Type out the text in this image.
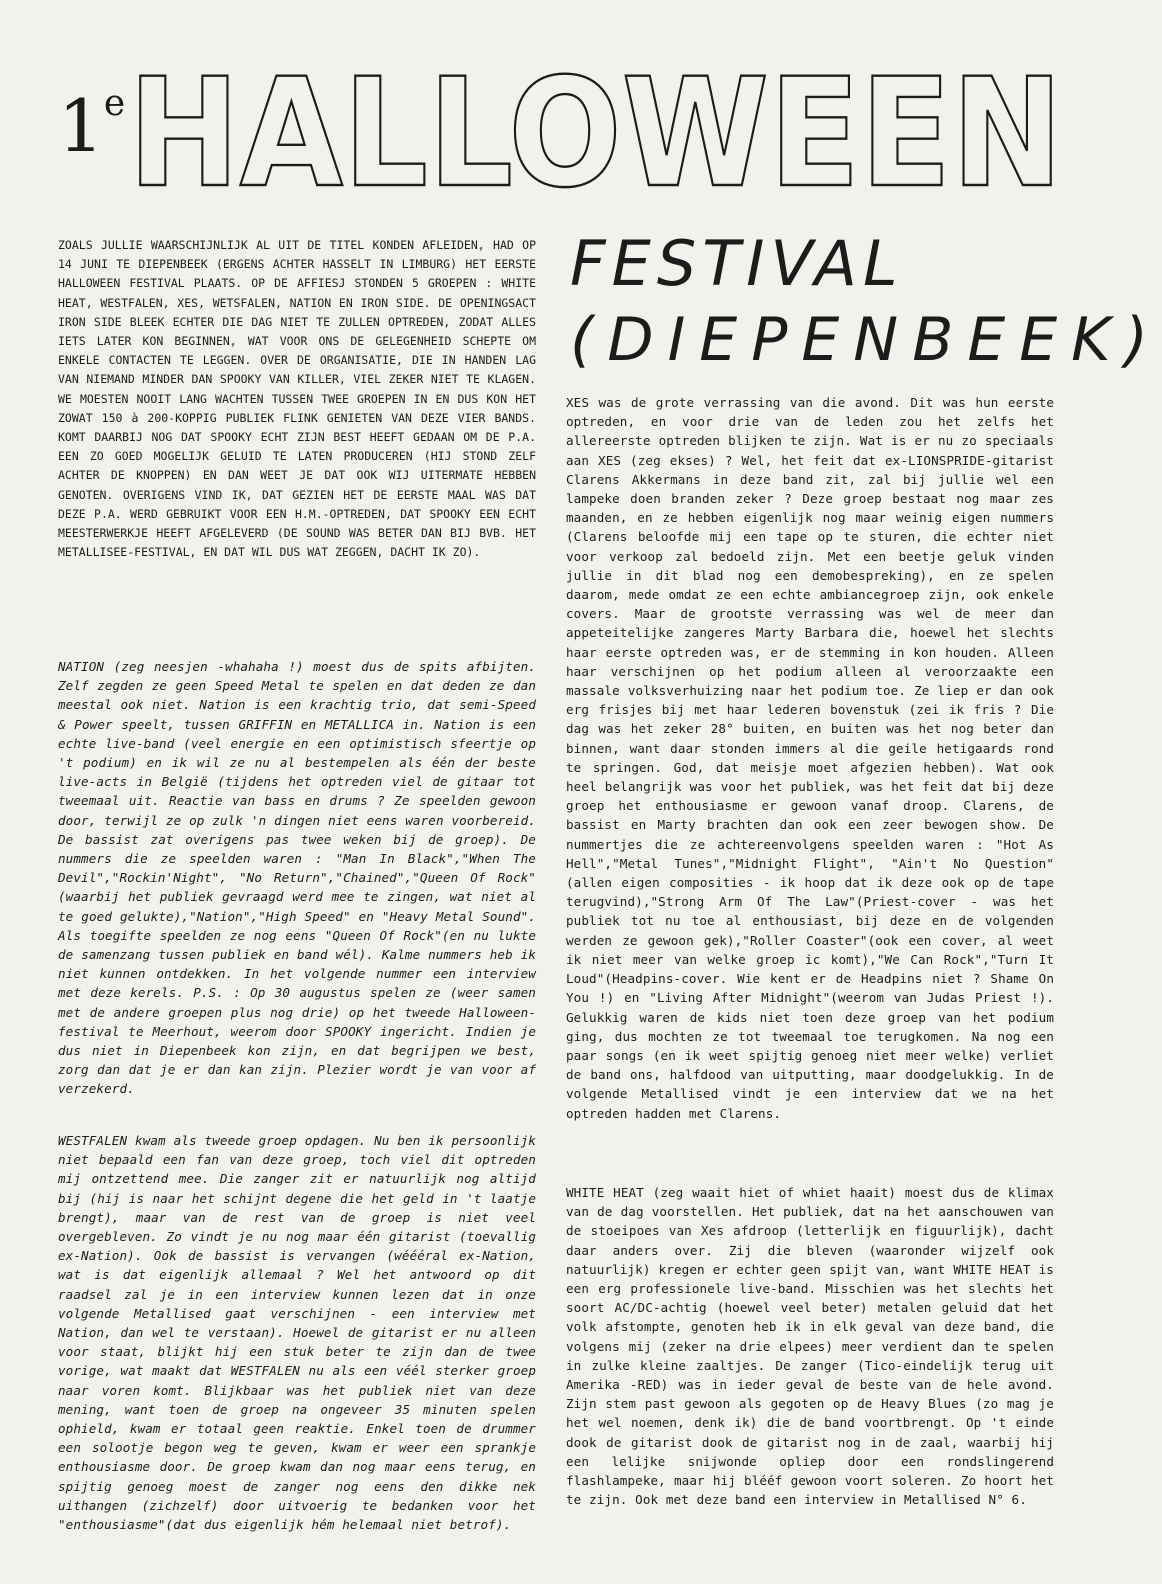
1e HALLOWEEN
FESTIVAL
(DIEPENBEEK)

ZOALS JULLIE WAARSCHIJNLIJK AL UIT DE TITEL KONDEN AFLEIDEN, HAD OP 14 JUNI TE DIEPENBEEK (ERGENS ACHTER HASSELT IN LIMBURG) HET EERSTE HALLOWEEN FESTIVAL PLAATS. OP DE AFFIESJ STONDEN 5 GROEPEN : WHITE HEAT, WESTFALEN, XES, WETSFALEN, NATION EN IRON SIDE. DE OPENINGSACT IRON SIDE BLEEK ECHTER DIE DAG NIET TE ZULLEN OPTREDEN, ZODAT ALLES IETS LATER KON BEGINNEN, WAT VOOR ONS DE GELEGENHEID SCHEPTE OM ENKELE CONTACTEN TE LEGGEN. OVER DE ORGANISATIE, DIE IN HANDEN LAG VAN NIEMAND MINDER DAN SPOOKY VAN KILLER, VIEL ZEKER NIET TE KLAGEN. WE MOESTEN NOOIT LANG WACHTEN TUSSEN TWEE GROEPEN IN EN DUS KON HET ZOWAT 150 à 200-KOPPIG PUBLIEK FLINK GENIETEN VAN DEZE VIER BANDS. KOMT DAARBIJ NOG DAT SPOOKY ECHT ZIJN BEST HEEFT GEDAAN OM DE P.A. EEN ZO GOED MOGELIJK GELUID TE LATEN PRODUCEREN (HIJ STOND ZELF ACHTER DE KNOPPEN) EN DAN WEET JE DAT OOK WIJ UITERMATE HEBBEN GENOTEN. OVERIGENS VIND IK, DAT GEZIEN HET DE EERSTE MAAL WAS DAT DEZE P.A. WERD GEBRUIKT VOOR EEN H.M.-OPTREDEN, DAT SPOOKY EEN ECHT MEESTERWERKJE HEEFT AFGELEVERD (DE SOUND WAS BETER DAN BIJ BVB. HET METALLISEE-FESTIVAL, EN DAT WIL DUS WAT ZEGGEN, DACHT IK ZO).

NATION (zeg neesjen -whahaha !) moest dus de spits afbijten. Zelf zegden ze geen Speed Metal te spelen en dat deden ze dan meestal ook niet. Nation is een krachtig trio, dat semi-Speed & Power speelt, tussen GRIFFIN en METALLICA in. Nation is een echte live-band (veel energie en een optimistisch sfeertje op 't podium) en ik wil ze nu al bestempelen als één der beste live-acts in België (tijdens het optreden viel de gitaar tot tweemaal uit. Reactie van bass en drums ? Ze speelden gewoon door, terwijl ze op zulk 'n dingen niet eens waren voorbereid. De bassist zat overigens pas twee weken bij de groep). De nummers die ze speelden waren : "Man In Black","When The Devil","Rockin'Night", "No Return","Chained","Queen Of Rock"(waarbij het publiek gevraagd werd mee te zingen, wat niet al te goed gelukte),"Nation","High Speed" en "Heavy Metal Sound". Als toegifte speelden ze nog eens "Queen Of Rock"(en nu lukte de samenzang tussen publiek en band wél). Kalme nummers heb ik niet kunnen ontdekken. In het volgende nummer een interview met deze kerels. P.S. : Op 30 augustus spelen ze (weer samen met de andere groepen plus nog drie) op het tweede Halloween-festival te Meerhout, weerom door SPOOKY ingericht. Indien je dus niet in Diepenbeek kon zijn, en dat begrijpen we best, zorg dan dat je er dan kan zijn. Plezier wordt je van voor af verzekerd.

WESTFALEN kwam als tweede groep opdagen. Nu ben ik persoonlijk niet bepaald een fan van deze groep, toch viel dit optreden mij ontzettend mee. Die zanger zit er natuurlijk nog altijd bij (hij is naar het schijnt degene die het geld in 't laatje brengt), maar van de rest van de groep is niet veel overgebleven. Zo vindt je nu nog maar één gitarist (toevallig ex-Nation). Ook de bassist is vervangen (wéééral ex-Nation, wat is dat eigenlijk allemaal ? Wel het antwoord op dit raadsel zal je in een interview kunnen lezen dat in onze volgende Metallised gaat verschijnen - een interview met Nation, dan wel te verstaan). Hoewel de gitarist er nu alleen voor staat, blijkt hij een stuk beter te zijn dan de twee vorige, wat maakt dat WESTFALEN nu als een véél sterker groep naar voren komt. Blijkbaar was het publiek niet van deze mening, want toen de groep na ongeveer 35 minuten spelen ophield, kwam er totaal geen reaktie. Enkel toen de drummer een solootje begon weg te geven, kwam er weer een sprankje enthousiasme door. De groep kwam dan nog maar eens terug, en spijtig genoeg moest de zanger nog eens den dikke nek uithangen (zichzelf) door uitvoerig te bedanken voor het "enthousiasme"(dat dus eigenlijk hém helemaal niet betrof).

XES was de grote verrassing van die avond. Dit was hun eerste optreden, en voor drie van de leden zou het zelfs het allereerste optreden blijken te zijn. Wat is er nu zo speciaals aan XES (zeg ekses) ? Wel, het feit dat ex-LIONSPRIDE-gitarist Clarens Akkermans in deze band zit, zal bij jullie wel een lampeke doen branden zeker ? Deze groep bestaat nog maar zes maanden, en ze hebben eigenlijk nog maar weinig eigen nummers (Clarens beloofde mij een tape op te sturen, die echter niet voor verkoop zal bedoeld zijn. Met een beetje geluk vinden jullie in dit blad nog een demobespreking), en ze spelen daarom, mede omdat ze een echte ambiancegroep zijn, ook enkele covers. Maar de grootste verrassing was wel de meer dan appeteitelijke zangeres Marty Barbara die, hoewel het slechts haar eerste optreden was, er de stemming in kon houden. Alleen haar verschijnen op het podium alleen al veroorzaakte een massale volksverhuizing naar het podium toe. Ze liep er dan ook erg frisjes bij met haar lederen bovenstuk (zei ik fris ? Die dag was het zeker 28° buiten, en buiten was het nog beter dan binnen, want daar stonden immers al die geile hetigaards rond te springen. God, dat meisje moet afgezien hebben). Wat ook heel belangrijk was voor het publiek, was het feit dat bij deze groep het enthousiasme er gewoon vanaf droop. Clarens, de bassist en Marty brachten dan ook een zeer bewogen show. De nummertjes die ze achtereenvolgens speelden waren : "Hot As Hell","Metal Tunes","Midnight Flight", "Ain't No Question"(allen eigen composities - ik hoop dat ik deze ook op de tape terugvind),"Strong Arm Of The Law"(Priest-cover - was het publiek tot nu toe al enthousiast, bij deze en de volgenden werden ze gewoon gek),"Roller Coaster"(ook een cover, al weet ik niet meer van welke groep ic komt),"We Can Rock","Turn It Loud"(Headpins-cover. Wie kent er de Headpins niet ? Shame On You !) en "Living After Midnight"(weerom van Judas Priest !). Gelukkig waren de kids niet toen deze groep van het podium ging, dus mochten ze tot tweemaal toe terugkomen. Na nog een paar songs (en ik weet spijtig genoeg niet meer welke) verliet de band ons, halfdood van uitputting, maar doodgelukkig. In de volgende Metallised vindt je een interview dat we na het optreden hadden met Clarens.

WHITE HEAT (zeg waait hiet of whiet haait) moest dus de klimax van de dag voorstellen. Het publiek, dat na het aanschouwen van de stoeipoes van Xes afdroop (letterlijk en figuurlijk), dacht daar anders over. Zij die bleven (waaronder wijzelf ook natuurlijk) kregen er echter geen spijt van, want WHITE HEAT is een erg professionele live-band. Misschien was het slechts het soort AC/DC-achtig (hoewel veel beter) metalen geluid dat het volk afstompte, genoten heb ik in elk geval van deze band, die volgens mij (zeker na drie elpees) meer verdient dan te spelen in zulke kleine zaaltjes. De zanger (Tico-eindelijk terug uit Amerika -RED) was in ieder geval de beste van de hele avond. Zijn stem past gewoon als gegoten op de Heavy Blues (zo mag je het wel noemen, denk ik) die de band voortbrengt. Op 't einde dook de gitarist dook de gitarist nog in de zaal, waarbij hij een lelijke snijwonde opliep door een rondslingerend flashlampeke, maar hij blééf gewoon voort soleren. Zo hoort het te zijn. Ook met deze band een interview in Metallised N° 6.
